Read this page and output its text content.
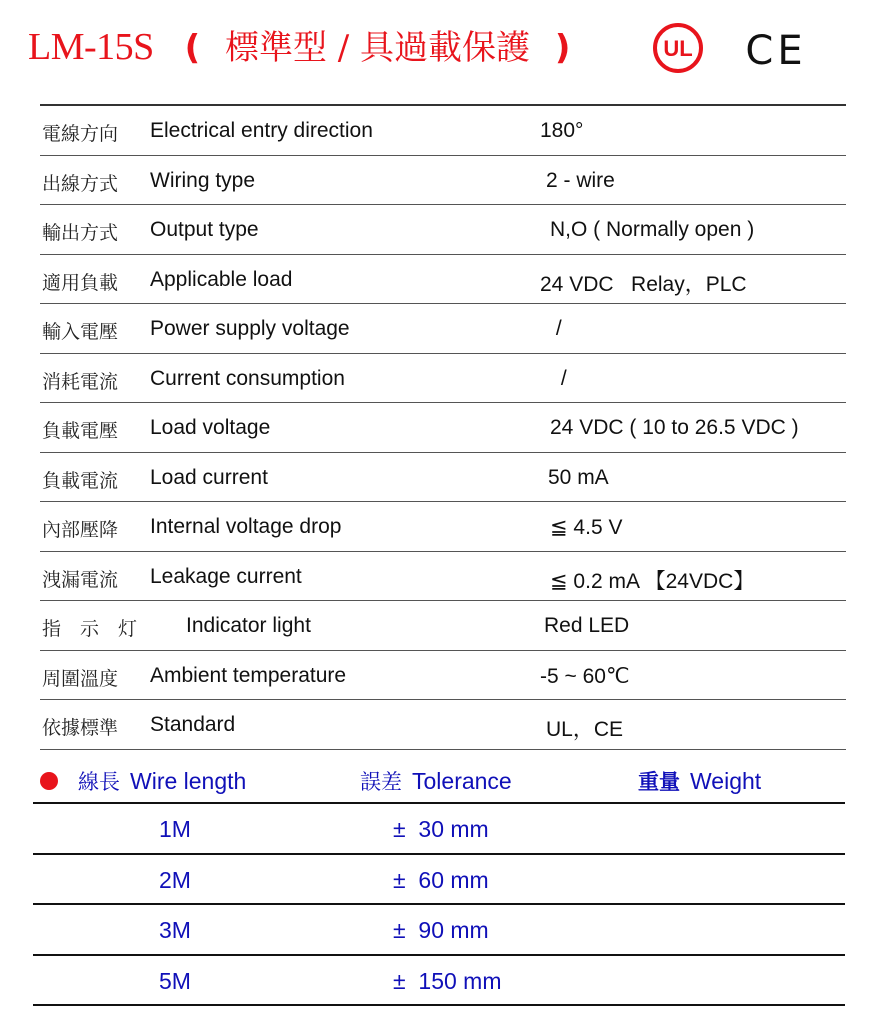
LM-15S ( 標準型 / 具過載保護 )	UL CE
電線方向 Electrical entry direction	180°
出線方式 Wiring type	2 - wire
輸出方式 Output type	N,O ( Normally open )
適用負載 Applicable load	24 VDC   Relay，PLC
輸入電壓 Power supply voltage	/
消耗電流 Current consumption	/
負載電壓 Load voltage	24 VDC ( 10 to 26.5 VDC )
負載電流 Load current	50 mA
內部壓降 Internal voltage drop	≦ 4.5 V
洩漏電流 Leakage current	≦ 0.2 mA 【24VDC】
指　示　灯 Indicator light	Red LED
周圍溫度 Ambient temperature	-5 ~ 60℃
依據標準 Standard	UL，CE
線長 Wire length	誤差 Tolerance	重量 Weight
1M	±  30 mm
2M	±  60 mm
3M	±  90 mm
5M	±  150 mm
